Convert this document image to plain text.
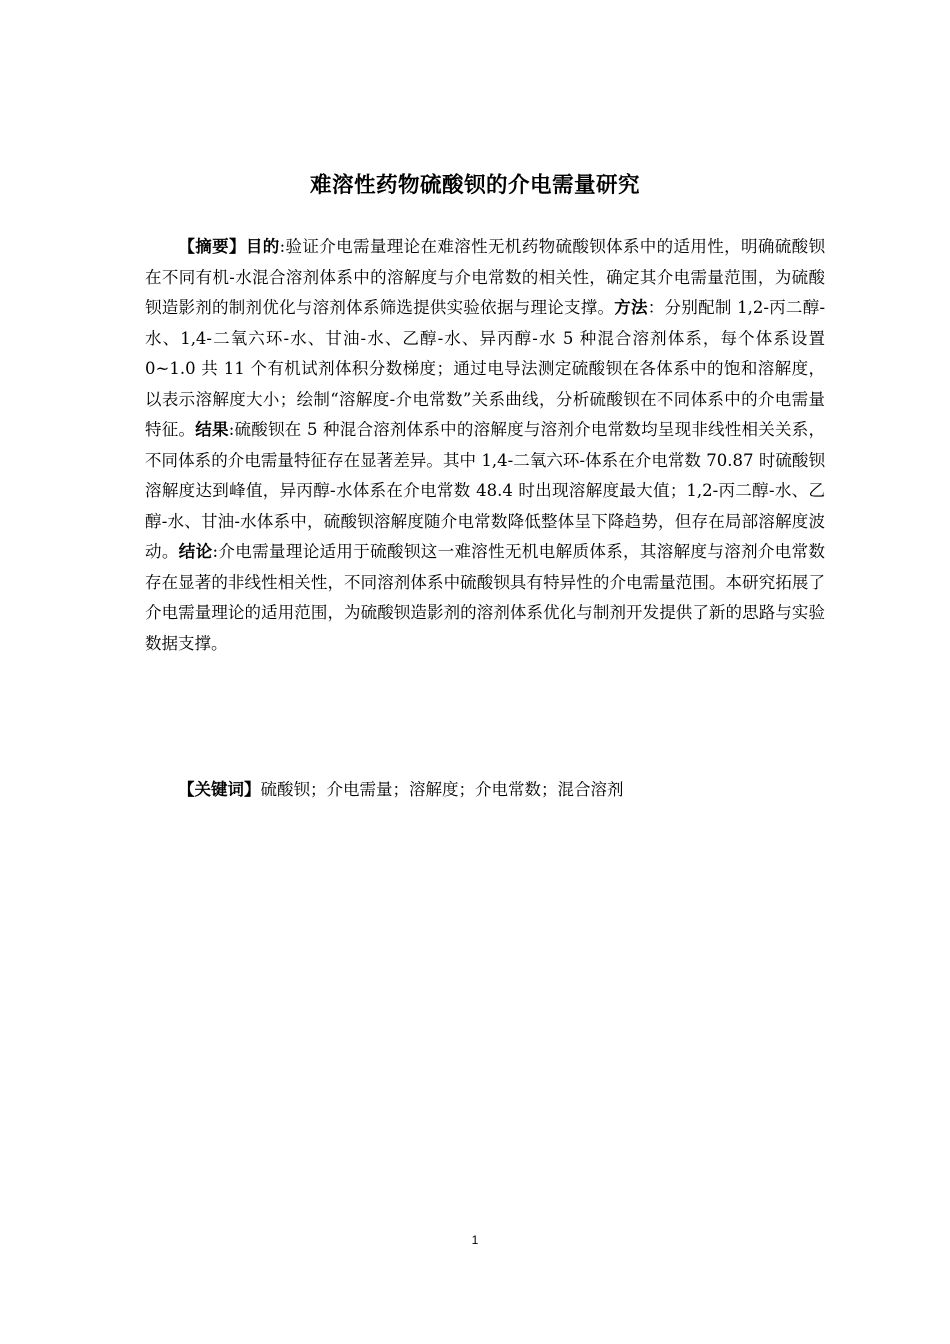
难溶性药物硫酸钡的介电需量研究

【摘要】目的:验证介电需量理论在难溶性无机药物硫酸钡体系中的适用性，明确硫酸钡在不同有机-水混合溶剂体系中的溶解度与介电常数的相关性，确定其介电需量范围，为硫酸钡造影剂的制剂优化与溶剂体系筛选提供实验依据与理论支撑。方法：分别配制 1,2-丙二醇-水、1,4-二氧六环-水、甘油-水、乙醇-水、异丙醇-水 5 种混合溶剂体系，每个体系设置 0~1.0 共 11 个有机试剂体积分数梯度；通过电导法测定硫酸钡在各体系中的饱和溶解度，以表示溶解度大小；绘制“溶解度-介电常数”关系曲线，分析硫酸钡在不同体系中的介电需量特征。结果:硫酸钡在 5 种混合溶剂体系中的溶解度与溶剂介电常数均呈现非线性相关关系，不同体系的介电需量特征存在显著差异。其中 1,4-二氧六环-体系在介电常数 70.87 时硫酸钡溶解度达到峰值，异丙醇-水体系在介电常数 48.4 时出现溶解度最大值；1,2-丙二醇-水、乙醇-水、甘油-水体系中，硫酸钡溶解度随介电常数降低整体呈下降趋势，但存在局部溶解度波动。结论:介电需量理论适用于硫酸钡这一难溶性无机电解质体系，其溶解度与溶剂介电常数存在显著的非线性相关性，不同溶剂体系中硫酸钡具有特异性的介电需量范围。本研究拓展了介电需量理论的适用范围，为硫酸钡造影剂的溶剂体系优化与制剂开发提供了新的思路与实验数据支撑。

【关键词】硫酸钡；介电需量；溶解度；介电常数；混合溶剂

1
